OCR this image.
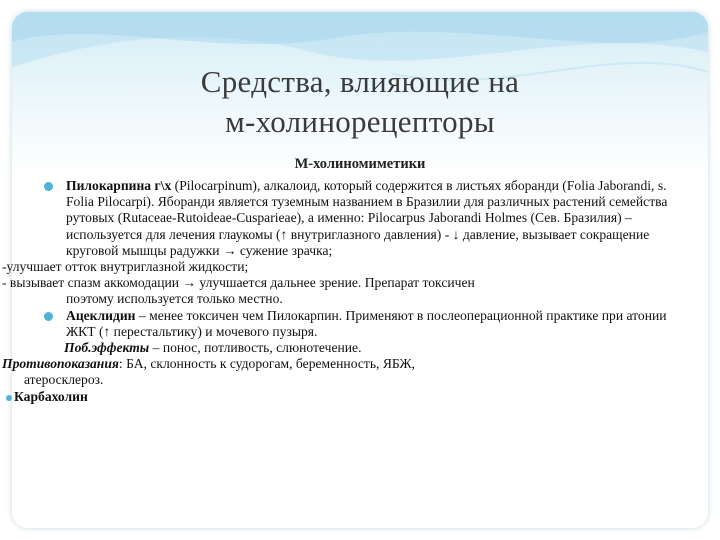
Средства, влияющие на
м-холинорецепторы
М-холиномиметики
Пилокарпина г\х (Pilocarpinum), алкалоид, который содержится в листьях яборанди (Folia Jaborandi, s. Folia Pilocarpi). Яборанди является туземным названием в Бразилии для различных растений семейства рутовых (Rutaceae-Rutoideae-Cusparieae), а именно: Pilocarpus Jaborandi Holmes (Сев. Бразилия) – используется для лечения глаукомы (↑ внутриглазного давления) - ↓ давление, вызывает сокращение круговой мышцы радужки → сужение зрачка;
-улучшает отток внутриглазной жидкости;
- вызывает спазм аккомодации → улучшается дальнее зрение. Препарат токсичен
поэтому используется только местно.
Ацеклидин – менее токсичен чем Пилокарпин. Применяют в послеоперационной практике при атонии ЖКТ (↑ перестальтику) и мочевого пузыря.
Поб.эффекты – понос, потливость, слюнотечение.
Противопоказания: БА, склонность к судорогам, беременность, ЯБЖ,
атеросклероз.
Карбахолин
